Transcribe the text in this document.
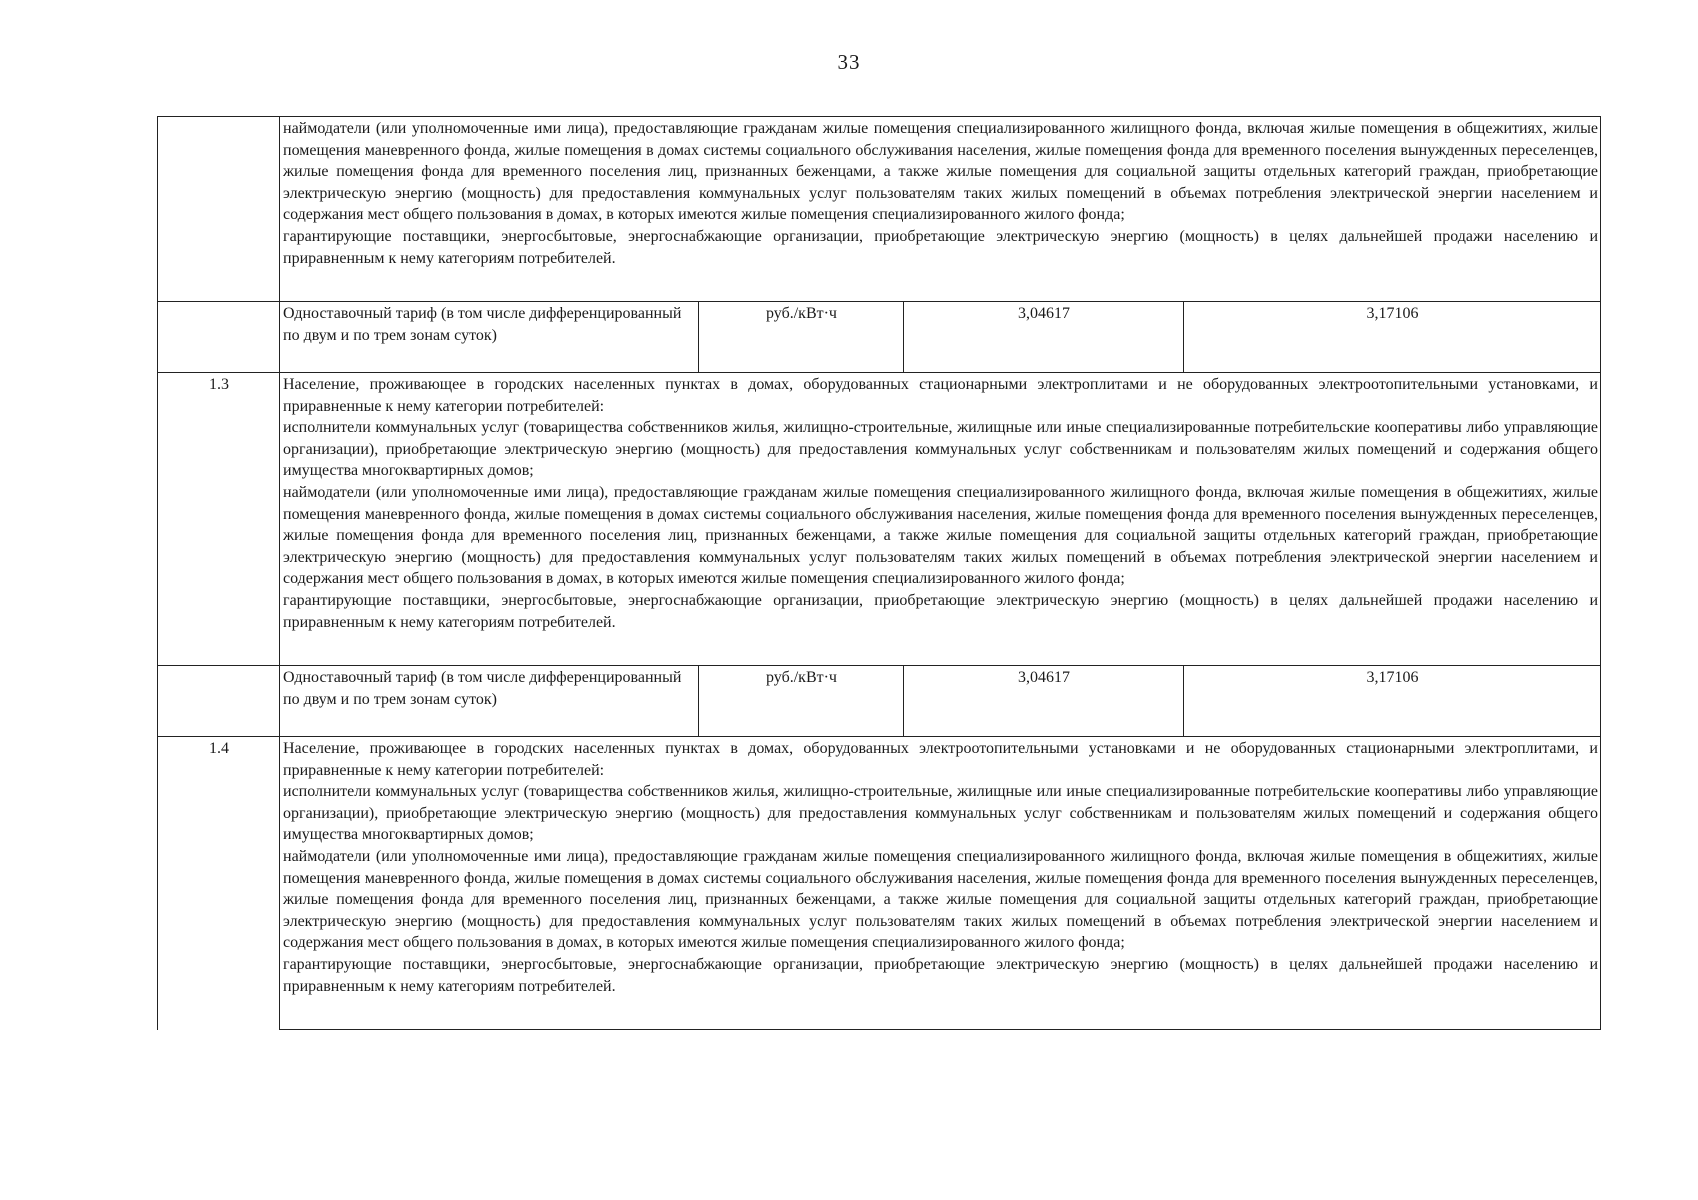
33

	наймодатели (или уполномоченные ими лица), предоставляющие гражданам жилые помещения специализированного жилищного фонда, включая жилые помещения в общежитиях, жилые помещения маневренного фонда, жилые помещения в домах системы социального обслуживания населения, жилые помещения фонда для временного поселения вынужденных переселенцев, жилые помещения фонда для временного поселения лиц, признанных беженцами, а также жилые помещения для социальной защиты отдельных категорий граждан, приобретающие электрическую энергию (мощность) для предоставления коммунальных услуг пользователям таких жилых помещений в объемах потребления электрической энергии населением и содержания мест общего пользования в домах, в которых имеются жилые помещения специализированного жилого фонда;

гарантирующие поставщики, энергосбытовые, энергоснабжающие организации, приобретающие электрическую энергию (мощность) в целях дальнейшей продажи населению и приравненным к нему категориям потребителей.			

	Одноставочный тариф (в том числе дифференцированный по двум и по трем зонам суток)	руб./кВт·ч	3,04617	3,17106
1.3	Население, проживающее в городских населенных пунктах в домах, оборудованных стационарными электроплитами и не оборудованных электроотопительными установками, и приравненные к нему категории потребителей:

исполнители коммунальных услуг (товарищества собственников жилья, жилищно-строительные, жилищные или иные специализированные потребительские кооперативы либо управляющие организации), приобретающие электрическую энергию (мощность) для предоставления коммунальных услуг собственникам и пользователям жилых помещений и содержания общего имущества многоквартирных домов;

наймодатели (или уполномоченные ими лица), предоставляющие гражданам жилые помещения специализированного жилищного фонда, включая жилые помещения в общежитиях, жилые помещения маневренного фонда, жилые помещения в домах системы социального обслуживания населения, жилые помещения фонда для временного поселения вынужденных переселенцев, жилые помещения фонда для временного поселения лиц, признанных беженцами, а также жилые помещения для социальной защиты отдельных категорий граждан, приобретающие электрическую энергию (мощность) для предоставления коммунальных услуг пользователям таких жилых помещений в объемах потребления электрической энергии населением и содержания мест общего пользования в домах, в которых имеются жилые помещения специализированного жилого фонда;

гарантирующие поставщики, энергосбытовые, энергоснабжающие организации, приобретающие электрическую энергию (мощность) в целях дальнейшей продажи населению и приравненным к нему категориям потребителей.			

	Одноставочный тариф (в том числе дифференцированный по двум и по трем зонам суток)	руб./кВт·ч	3,04617	3,17106
1.4	Население, проживающее в городских населенных пунктах в домах, оборудованных электроотопительными установками и не оборудованных стационарными электроплитами, и приравненные к нему категории потребителей:

исполнители коммунальных услуг (товарищества собственников жилья, жилищно-строительные, жилищные или иные специализированные потребительские кооперативы либо управляющие организации), приобретающие электрическую энергию (мощность) для предоставления коммунальных услуг собственникам и пользователям жилых помещений и содержания общего имущества многоквартирных домов;

наймодатели (или уполномоченные ими лица), предоставляющие гражданам жилые помещения специализированного жилищного фонда, включая жилые помещения в общежитиях, жилые помещения маневренного фонда, жилые помещения в домах системы социального обслуживания населения, жилые помещения фонда для временного поселения вынужденных переселенцев, жилые помещения фонда для временного поселения лиц, признанных беженцами, а также жилые помещения для социальной защиты отдельных категорий граждан, приобретающие электрическую энергию (мощность) для предоставления коммунальных услуг пользователям таких жилых помещений в объемах потребления электрической энергии населением и содержания мест общего пользования в домах, в которых имеются жилые помещения специализированного жилого фонда;

гарантирующие поставщики, энергосбытовые, энергоснабжающие организации, приобретающие электрическую энергию (мощность) в целях дальнейшей продажи населению и приравненным к нему категориям потребителей.			
